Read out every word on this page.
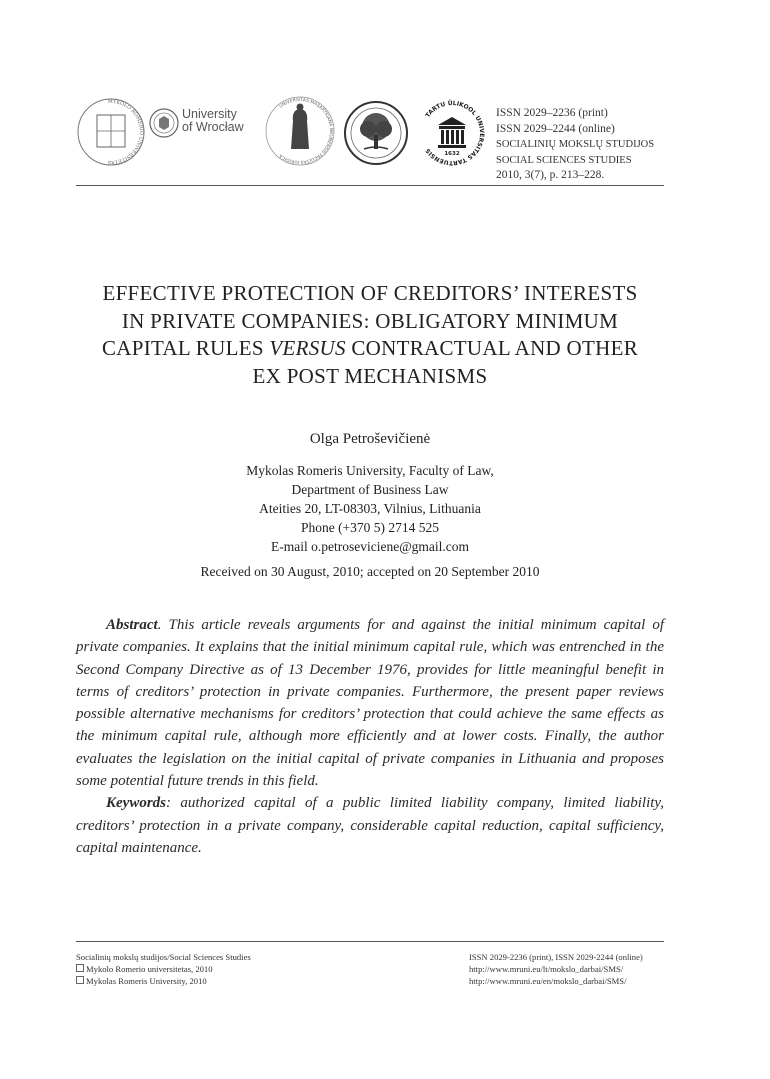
MYKOLO ROMERIO UNIVERSITETAS
University
of Wrocław
UNIVERSITAS MASARYKIANA BRUNENSIS FACULTAS IURIDICA	1632
TARTU ÜLIKOOL UNIVERSITAS TARTUENSIS
ISSN 2029–2236 (print)
ISSN 2029–2244 (online)
SOCIALINIŲ MOKSLŲ STUDIJOS
SOCIAL SCIENCES STUDIES
2010, 3(7), p. 213–228.
EFFECTIVE PROTECTION OF CREDITORS’ INTERESTS
IN PRIVATE COMPANIES: OBLIGATORY MINIMUM
CAPITAL RULES VERSUS CONTRACTUAL AND OTHER
EX POST MECHANISMS
Olga Petroševičienė
Mykolas Romeris University, Faculty of Law,
Department of Business Law
Ateities 20, LT-08303, Vilnius, Lithuania
Phone (+370 5) 2714 525
E-mail o.petroseviciene@gmail.com
Received on 30 August, 2010; accepted on 20 September 2010

Abstract. This article reveals arguments for and against the initial minimum capital of private companies. It explains that the initial minimum capital rule, which was entrenched in the Second Company Directive as of 13 December 1976, provides for little meaningful benefit in terms of creditors’ protection in private companies. Furthermore, the present paper reviews possible alternative mechanisms for creditors’ protection that could achieve the same effects as the minimum capital rule, although more efficiently and at lower costs. Finally, the author evaluates the legislation on the initial capital of private companies in Lithuania and proposes some potential future trends in this field.

Keywords: authorized capital of a public limited liability company, limited liability, creditors’ protection in a private company, considerable capital reduction, capital sufficiency, capital maintenance.

Socialinių mokslų studijos/Social Sciences Studies
Mykolo Romerio universitetas, 2010
Mykolas Romeris University, 2010
ISSN 2029-2236 (print), ISSN 2029-2244 (online)
http://www.mruni.eu/lt/mokslo_darbai/SMS/
http://www.mruni.eu/en/mokslo_darbai/SMS/
